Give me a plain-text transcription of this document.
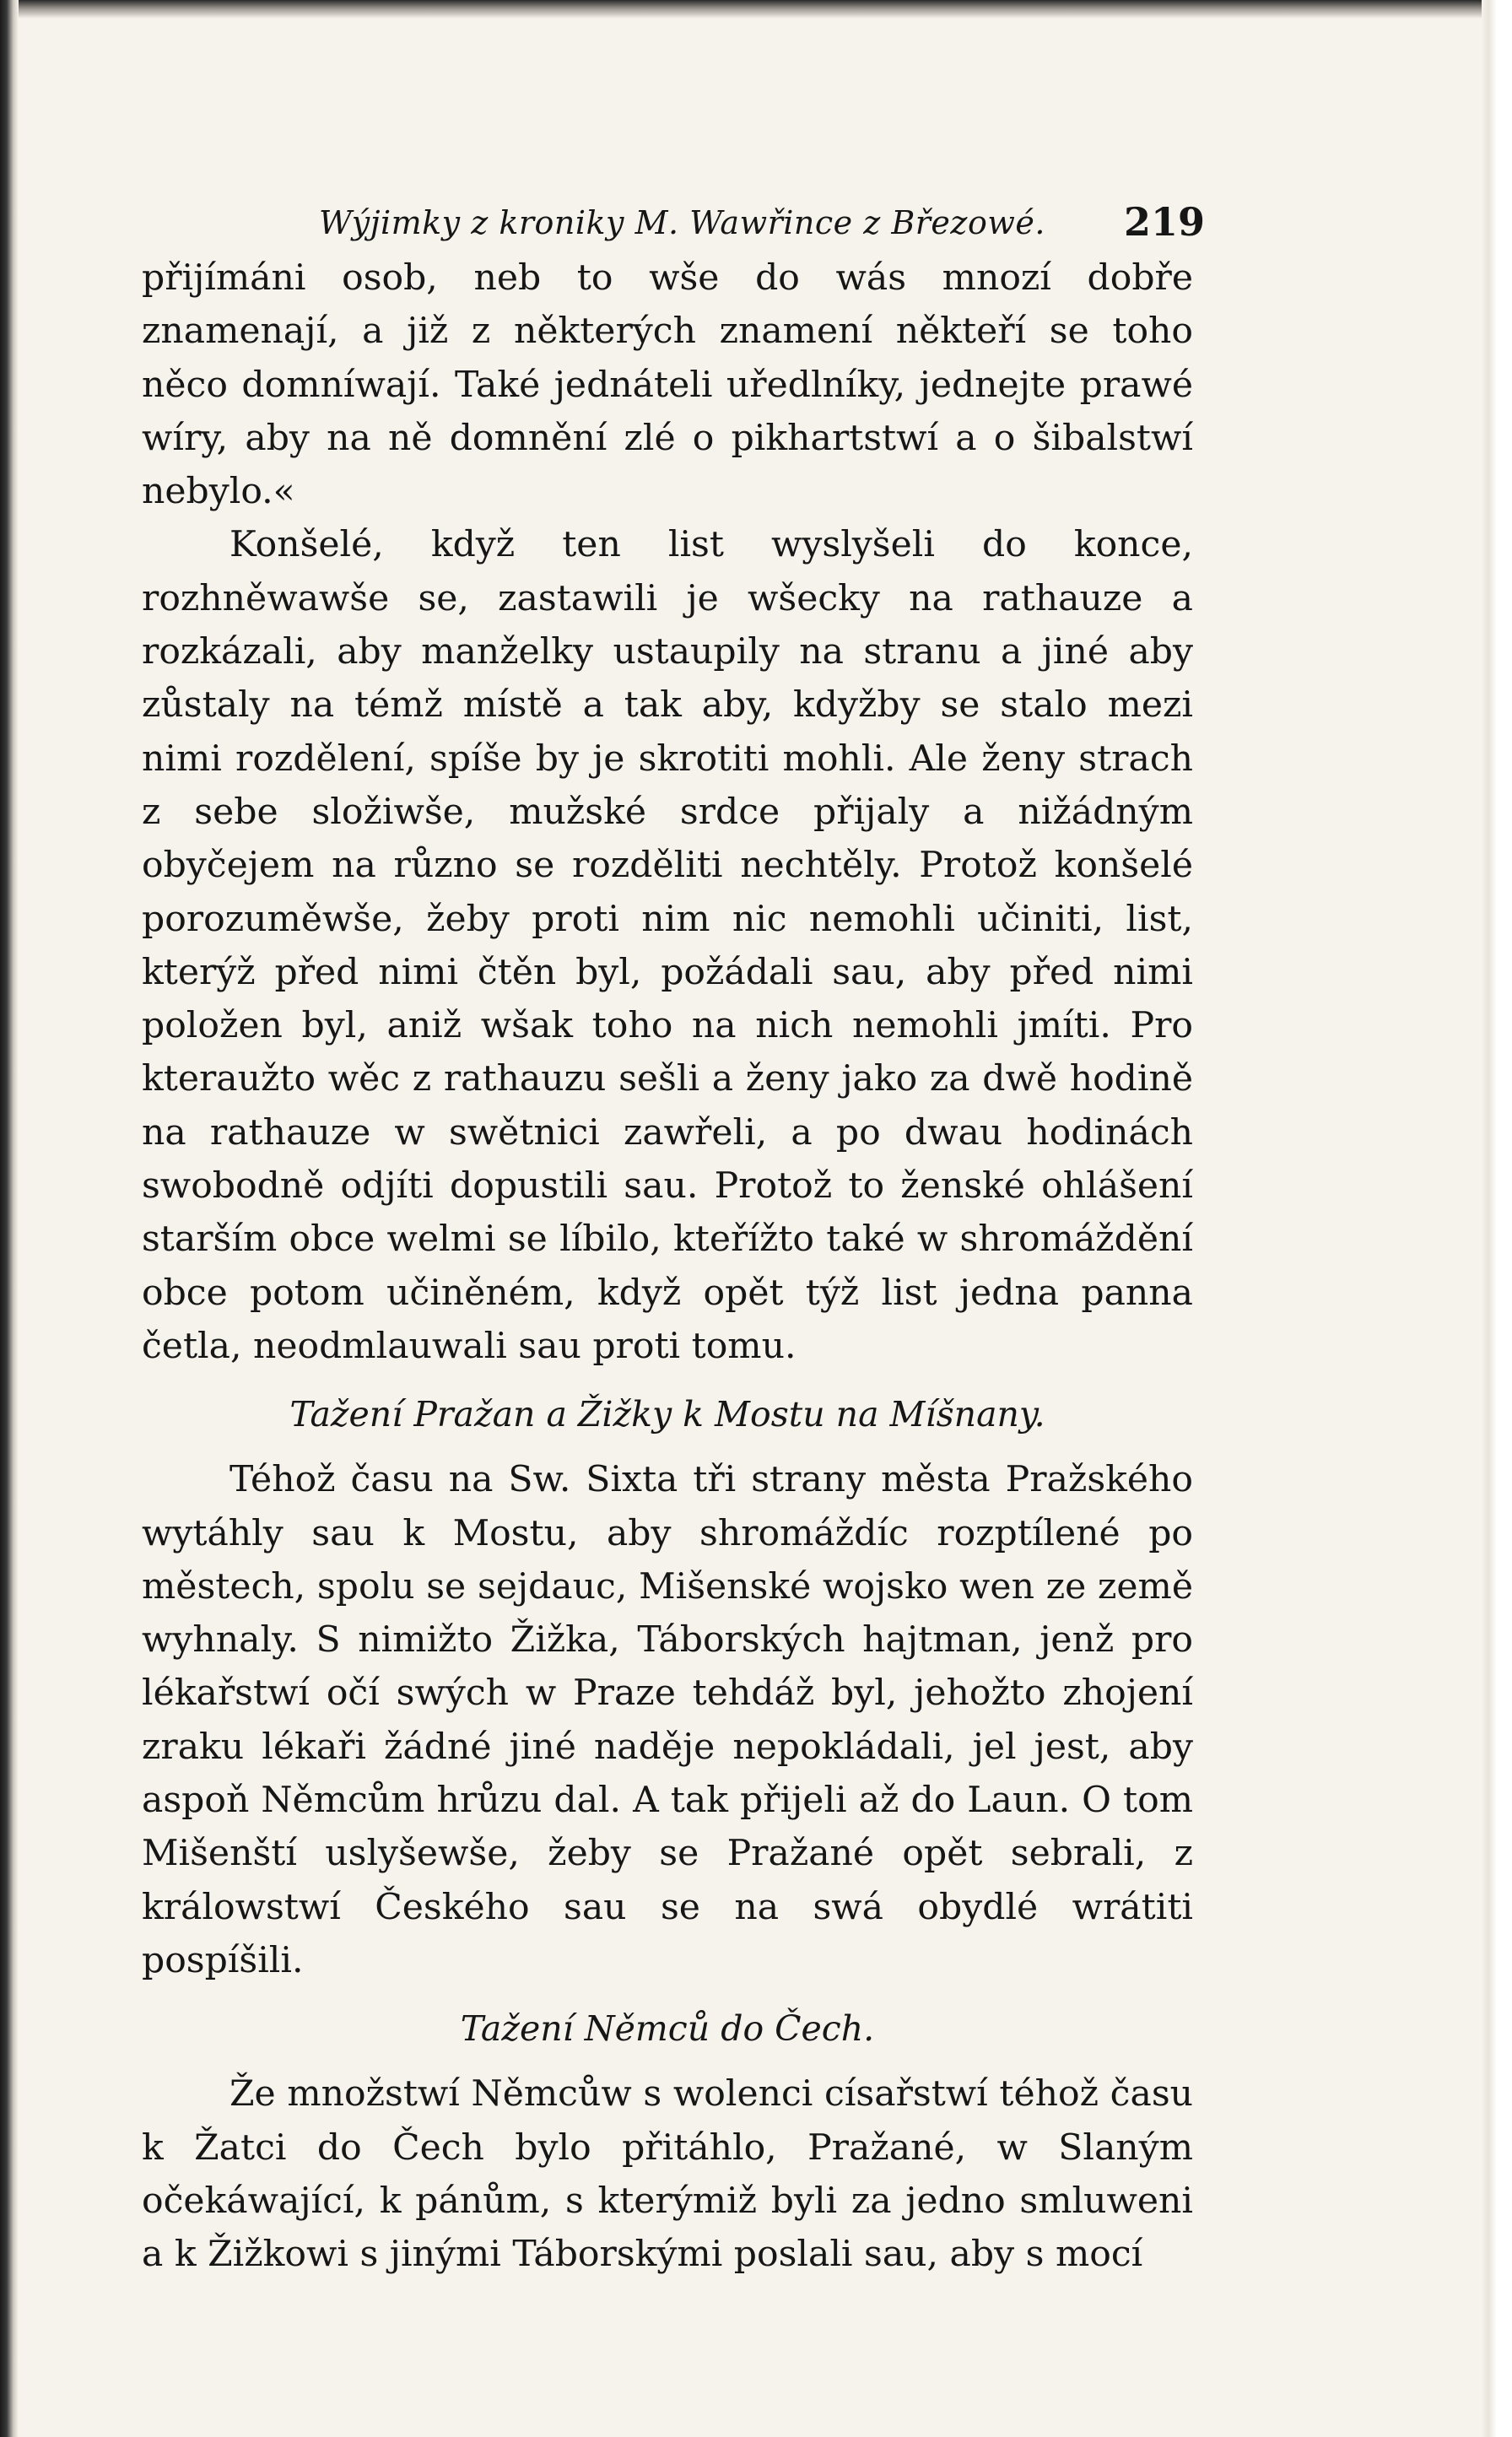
Wýjimky z kroniky M. Wawřince z Březowé. 219

přijímáni osob, neb to wše do wás mnozí dobře znamenají, a již z některých znamení někteří se toho něco domníwají. Také jednáteli uředlníky, jednejte prawé wíry, aby na ně domnění zlé o pikhartstwí a o šibalstwí nebylo.«

Konšelé, když ten list wyslyšeli do konce, rozhněwawše se, zastawili je wšecky na rathauze a rozkázali, aby manželky ustaupily na stranu a jiné aby zůstaly na témž místě a tak aby, kdyžby se stalo mezi nimi rozdělení, spíše by je skrotiti mohli. Ale ženy strach z sebe složiwše, mužské srdce přijaly a nižádným obyčejem na různo se rozděliti nechtěly. Protož konšelé porozuměwše, žeby proti nim nic nemohli učiniti, list, kterýž před nimi čtěn byl, požádali sau, aby před nimi položen byl, aniž wšak toho na nich nemohli jmíti. Pro kteraužto wěc z rathauzu sešli a ženy jako za dwě hodině na rathauze w swětnici zawřeli, a po dwau hodinách swobodně odjíti dopustili sau. Protož to ženské ohlášení starším obce welmi se líbilo, kteřížto také w shromáždění obce potom učiněném, když opět týž list jedna panna četla, neodmlauwali sau proti tomu.

Tažení Pražan a Žižky k Mostu na Míšnany.

Téhož času na Sw. Sixta tři strany města Pražského wytáhly sau k Mostu, aby shromáždíc rozptílené po městech, spolu se sejdauc, Mišenské wojsko wen ze země wyhnaly. S nimižto Žižka, Táborských hajtman, jenž pro lékařstwí očí swých w Praze tehdáž byl, jehožto zhojení zraku lékaři žádné jiné naděje nepokládali, jel jest, aby aspoň Němcům hrůzu dal. A tak přijeli až do Laun. O tom Mišenští uslyšewše, žeby se Pražané opět sebrali, z králowstwí Českého sau se na swá obydlé wrátiti pospíšili.

Tažení Němců do Čech.

Že množstwí Němcůw s wolenci císařstwí téhož času k Žatci do Čech bylo přitáhlo, Pražané, w Slaným očekáwající, k pánům, s kterýmiž byli za jedno smluweni a k Žižkowi s jinými Táborskými poslali sau, aby s mocí
